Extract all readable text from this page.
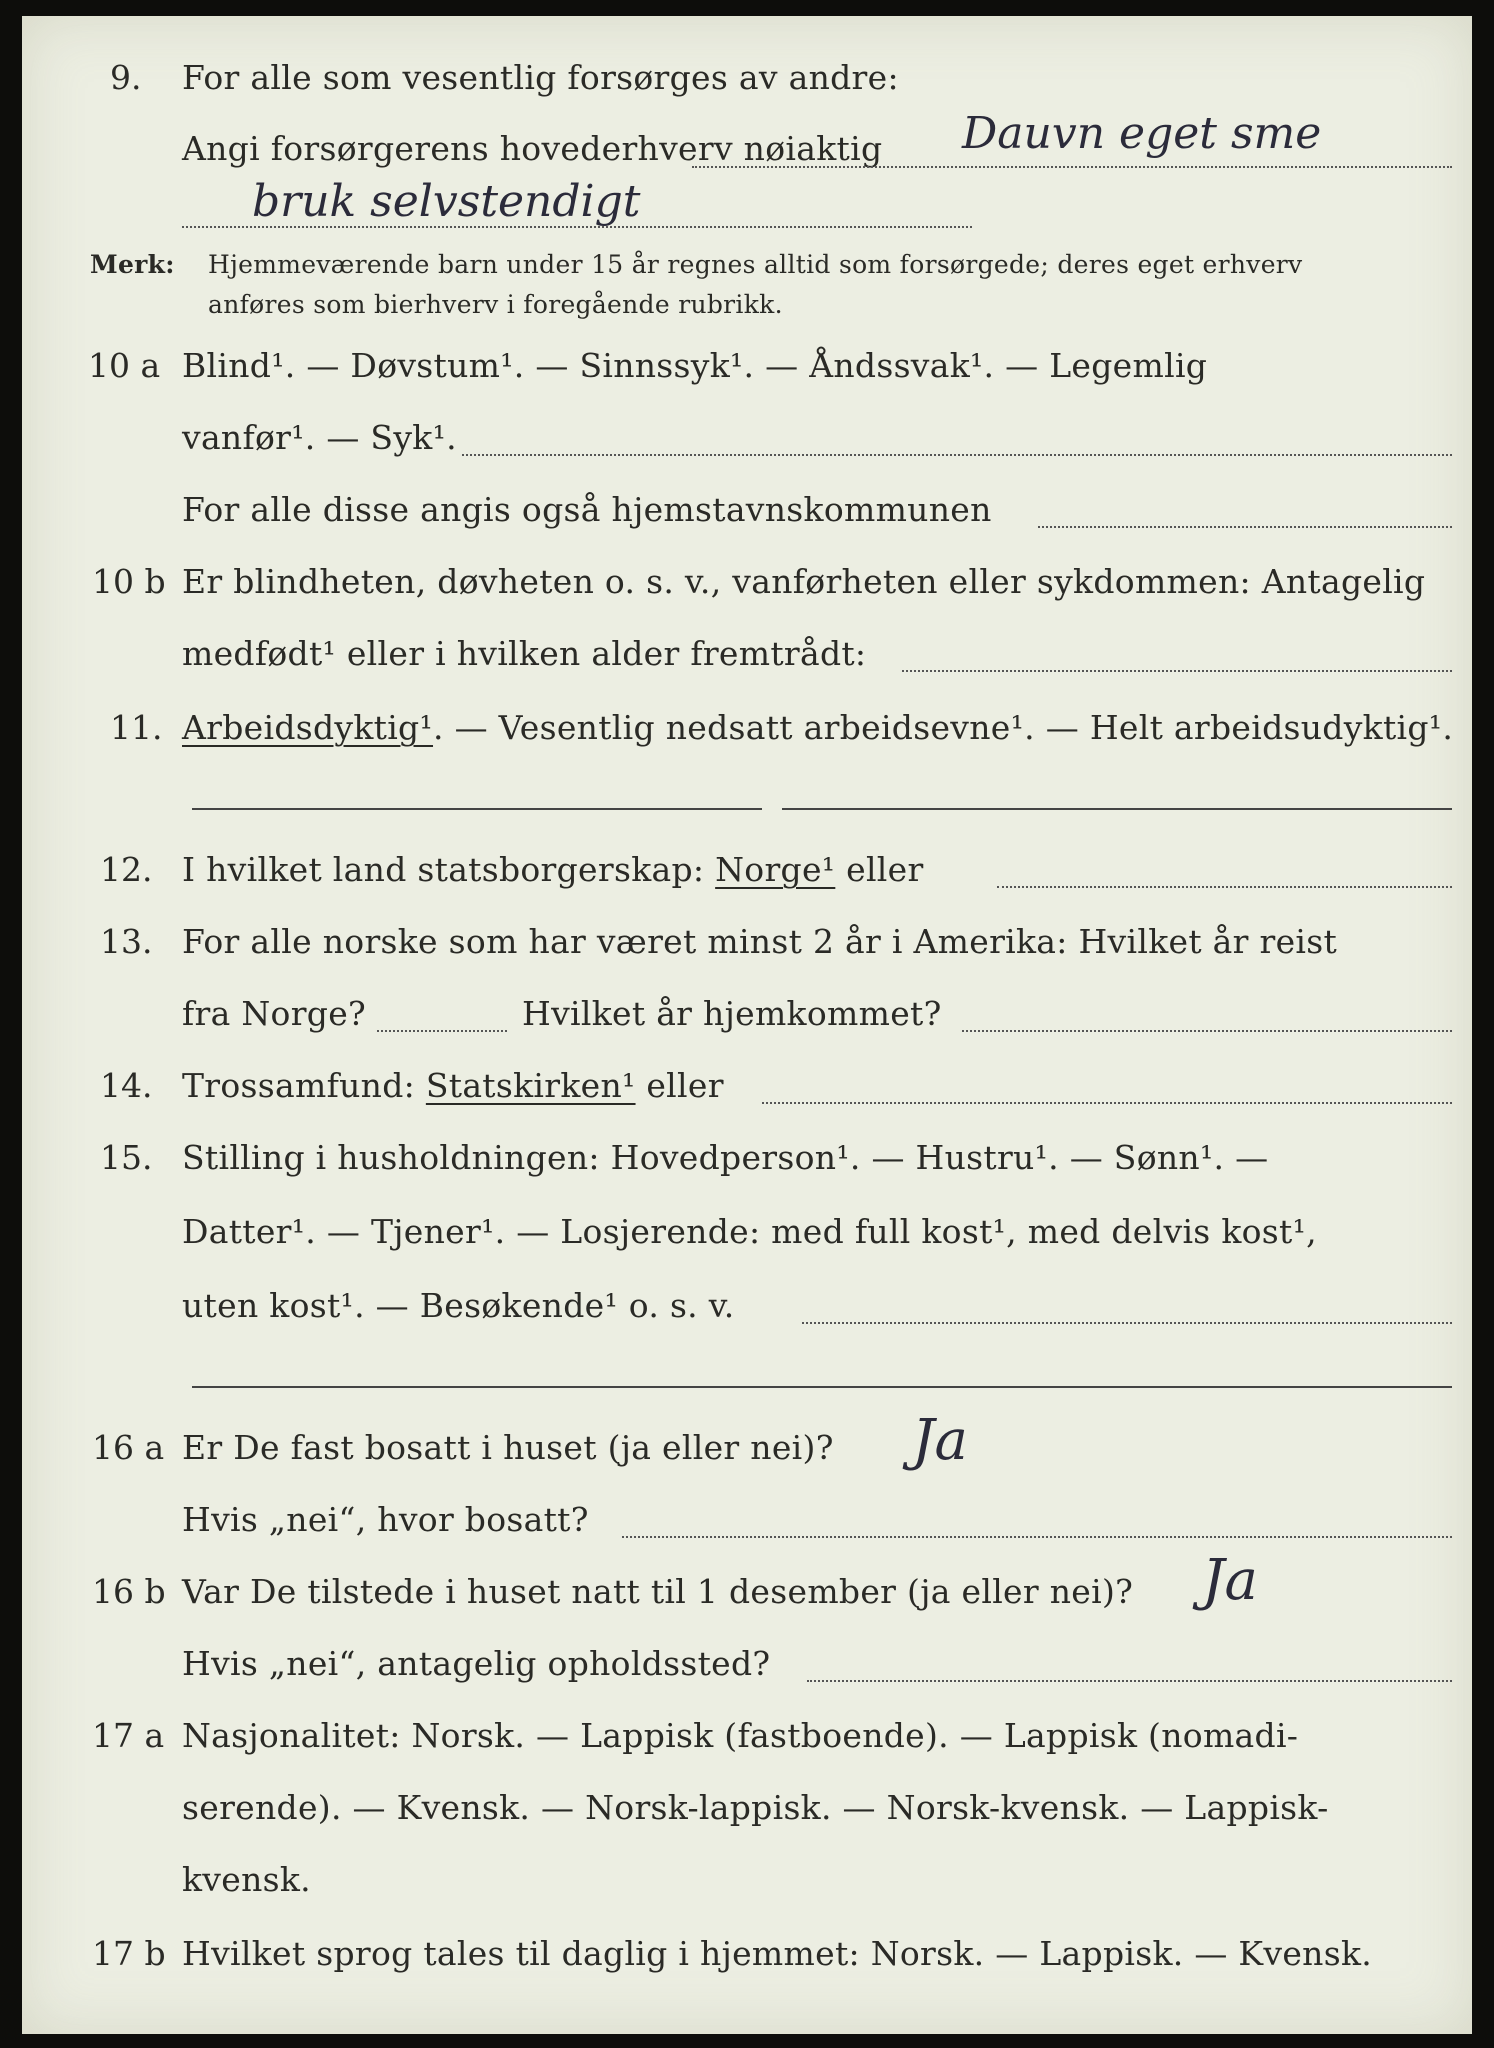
9. For alle som vesentlig forsørges av andre:
Angi forsørgerens hovederhverv nøiaktig Dauvn eget sme
bruk selvstendigt
Merk: Hjemmeværende barn under 15 år regnes alltid som forsørgede; deres eget erhverv
anføres som bierhverv i foregående rubrikk.
10 a Blind¹. — Døvstum¹. — Sinnssyk¹. — Åndssvak¹. — Legemlig
vanfør¹. — Syk¹.
For alle disse angis også hjemstavnskommunen
10 b Er blindheten, døvheten o. s. v., vanførheten eller sykdommen: Antagelig
medfødt¹ eller i hvilken alder fremtrådt:
11. Arbeidsdyktig¹. — Vesentlig nedsatt arbeidsevne¹. — Helt arbeidsudyktig¹.
12. I hvilket land statsborgerskap: Norge¹ eller
13. For alle norske som har været minst 2 år i Amerika: Hvilket år reist
fra Norge?	Hvilket år hjemkommet?
14. Trossamfund: Statskirken¹ eller
15. Stilling i husholdningen: Hovedperson¹. — Hustru¹. — Sønn¹. —
Datter¹. — Tjener¹. — Losjerende: med full kost¹, med delvis kost¹,
uten kost¹. — Besøkende¹ o. s. v.
16 a Er De fast bosatt i huset (ja eller nei)? Ja
Hvis „nei“, hvor bosatt?
16 b Var De tilstede i huset natt til 1 desember (ja eller nei)? Ja
Hvis „nei“, antagelig opholdssted?
17 a Nasjonalitet: Norsk. — Lappisk (fastboende). — Lappisk (nomadi-
serende). — Kvensk. — Norsk-lappisk. — Norsk-kvensk. — Lappisk-
kvensk.
17 b Hvilket sprog tales til daglig i hjemmet: Norsk. — Lappisk. — Kvensk.
